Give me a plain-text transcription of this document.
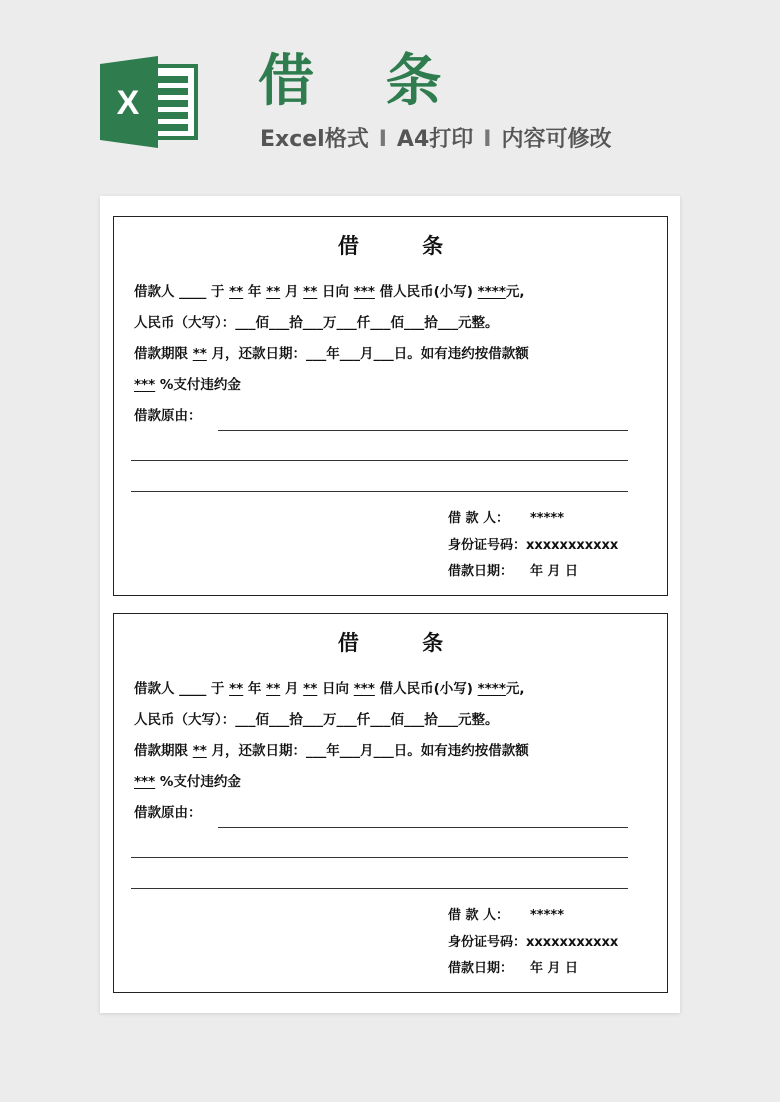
X 借 条
Excel格式 I A4打印 I 内容可修改
借 条
借款人 ____ 于 ** 年 ** 月 ** 日向 *** 借人民币(小写) ****元,
人民币（大写）：___佰___拾___万___仟___佰___拾___元整。
借款期限 ** 月，还款日期：___年___月___日。如有违约按借款额
*** %支付违约金
借款原由：
借 款 人： *****
身份证号码：xxxxxxxxxxx
借款日期： 年 月 日
借 条
借款人 ____ 于 ** 年 ** 月 ** 日向 *** 借人民币(小写) ****元,
人民币（大写）：___佰___拾___万___仟___佰___拾___元整。
借款期限 ** 月，还款日期：___年___月___日。如有违约按借款额
*** %支付违约金
借款原由：
借 款 人： *****
身份证号码：xxxxxxxxxxx
借款日期： 年 月 日
